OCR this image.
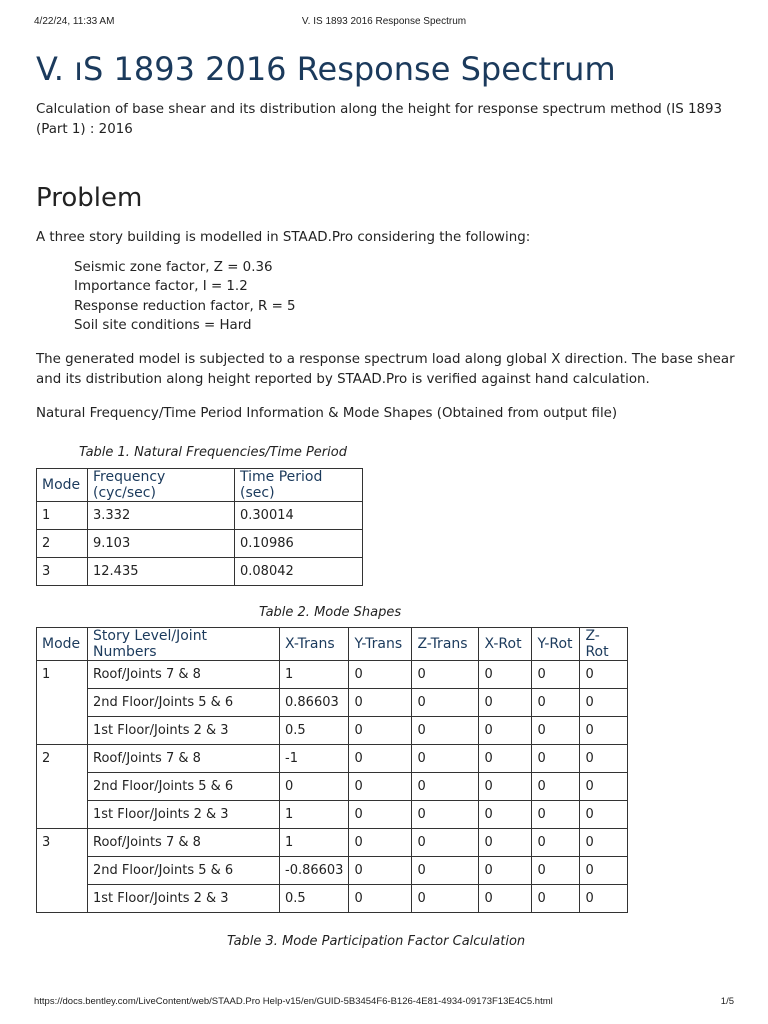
4/22/24, 11:33 AM	V. IS 1893 2016 Response Spectrum
V. ıS 1893 2016 Response Spectrum

Calculation of base shear and its distribution along the height for response spectrum method (IS 1893 (Part 1) : 2016

Problem

A three story building is modelled in STAAD.Pro considering the following:

Seismic zone factor, Z = 0.36
Importance factor, I = 1.2
Response reduction factor, R = 5
Soil site conditions = Hard

The generated model is subjected to a response spectrum load along global X direction. The base shear and its distribution along height reported by STAAD.Pro is verified against hand calculation.

Natural Frequency/Time Period Information & Mode Shapes (Obtained from output file)

Table 1. Natural Frequencies/Time Period

Mode	Frequency (cyc/sec)	Time Period (sec)
1	3.332	0.30014
2	9.103	0.10986
3	12.435	0.08042

Table 2. Mode Shapes

Mode	Story Level/Joint Numbers	X-Trans	Y-Trans	Z-Trans	X-Rot	Y-Rot	Z-Rot
1	Roof/Joints 7 & 8	1	0	0	0	0	0
	2nd Floor/Joints 5 & 6	0.86603	0	0	0	0	0
	1st Floor/Joints 2 & 3	0.5	0	0	0	0	0
2	Roof/Joints 7 & 8	-1	0	0	0	0	0
	2nd Floor/Joints 5 & 6	0	0	0	0	0	0
	1st Floor/Joints 2 & 3	1	0	0	0	0	0
3	Roof/Joints 7 & 8	1	0	0	0	0	0
	2nd Floor/Joints 5 & 6	-0.86603	0	0	0	0	0
	1st Floor/Joints 2 & 3	0.5	0	0	0	0	0

Table 3. Mode Participation Factor Calculation

https://docs.bentley.com/LiveContent/web/STAAD.Pro Help-v15/en/GUID-5B3454F6-B126-4E81-4934-09173F13E4C5.html	1/5
